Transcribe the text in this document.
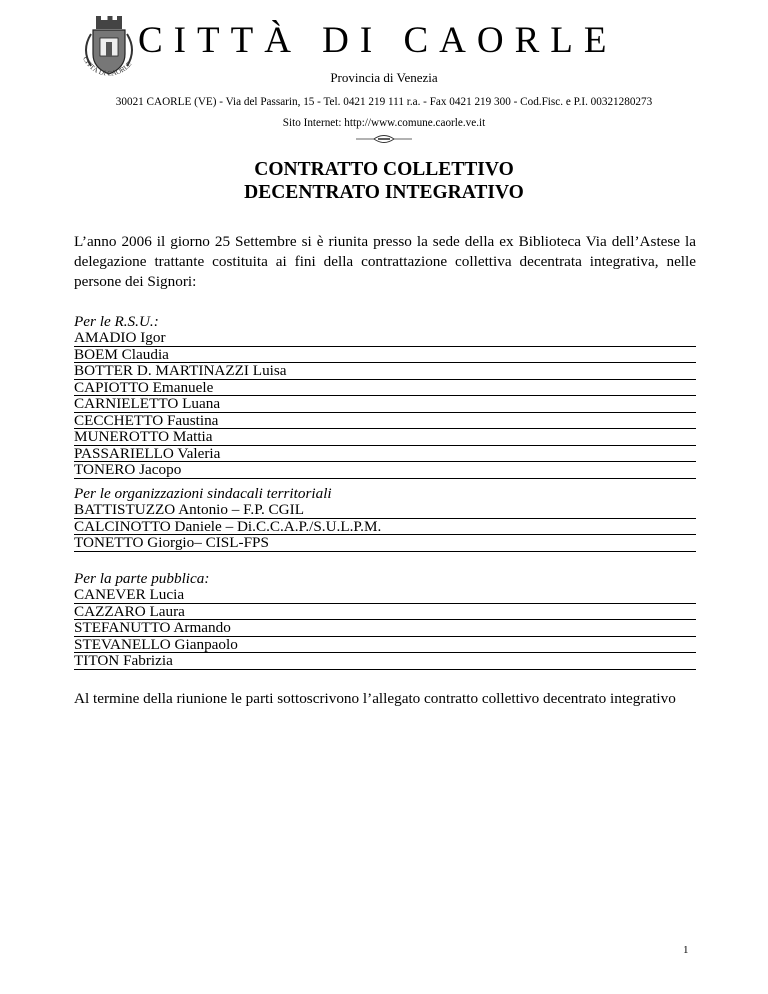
CITTÀ DI CAORLE
CITTÀ DI CAORLE
Provincia di Venezia
30021 CAORLE (VE) - Via del Passarin, 15 - Tel. 0421 219 111 r.a. - Fax 0421 219 300 - Cod.Fisc. e P.I. 00321280273
Sito Internet: http://www.comune.caorle.ve.it
CONTRATTO COLLETTIVO
DECENTRATO INTEGRATIVO
L’anno 2006 il giorno 25 Settembre si è riunita presso la sede della ex Biblioteca Via dell’Astese la delegazione trattante costituita ai fini della contrattazione collettiva decentrata integrativa, nelle persone dei Signori:
Per le R.S.U.:
AMADIO Igor
BOEM Claudia
BOTTER D. MARTINAZZI Luisa
CAPIOTTO Emanuele
CARNIELETTO Luana
CECCHETTO Faustina
MUNEROTTO Mattia
PASSARIELLO Valeria
TONERO Jacopo
Per le organizzazioni sindacali territoriali
BATTISTUZZO Antonio – F.P. CGIL
CALCINOTTO Daniele – Di.C.C.A.P./S.U.L.P.M.
TONETTO Giorgio– CISL-FPS
Per la parte pubblica:
CANEVER Lucia
CAZZARO Laura
STEFANUTTO Armando
STEVANELLO Gianpaolo
TITON Fabrizia
Al termine della riunione le parti sottoscrivono l’allegato contratto collettivo decentrato integrativo
1
